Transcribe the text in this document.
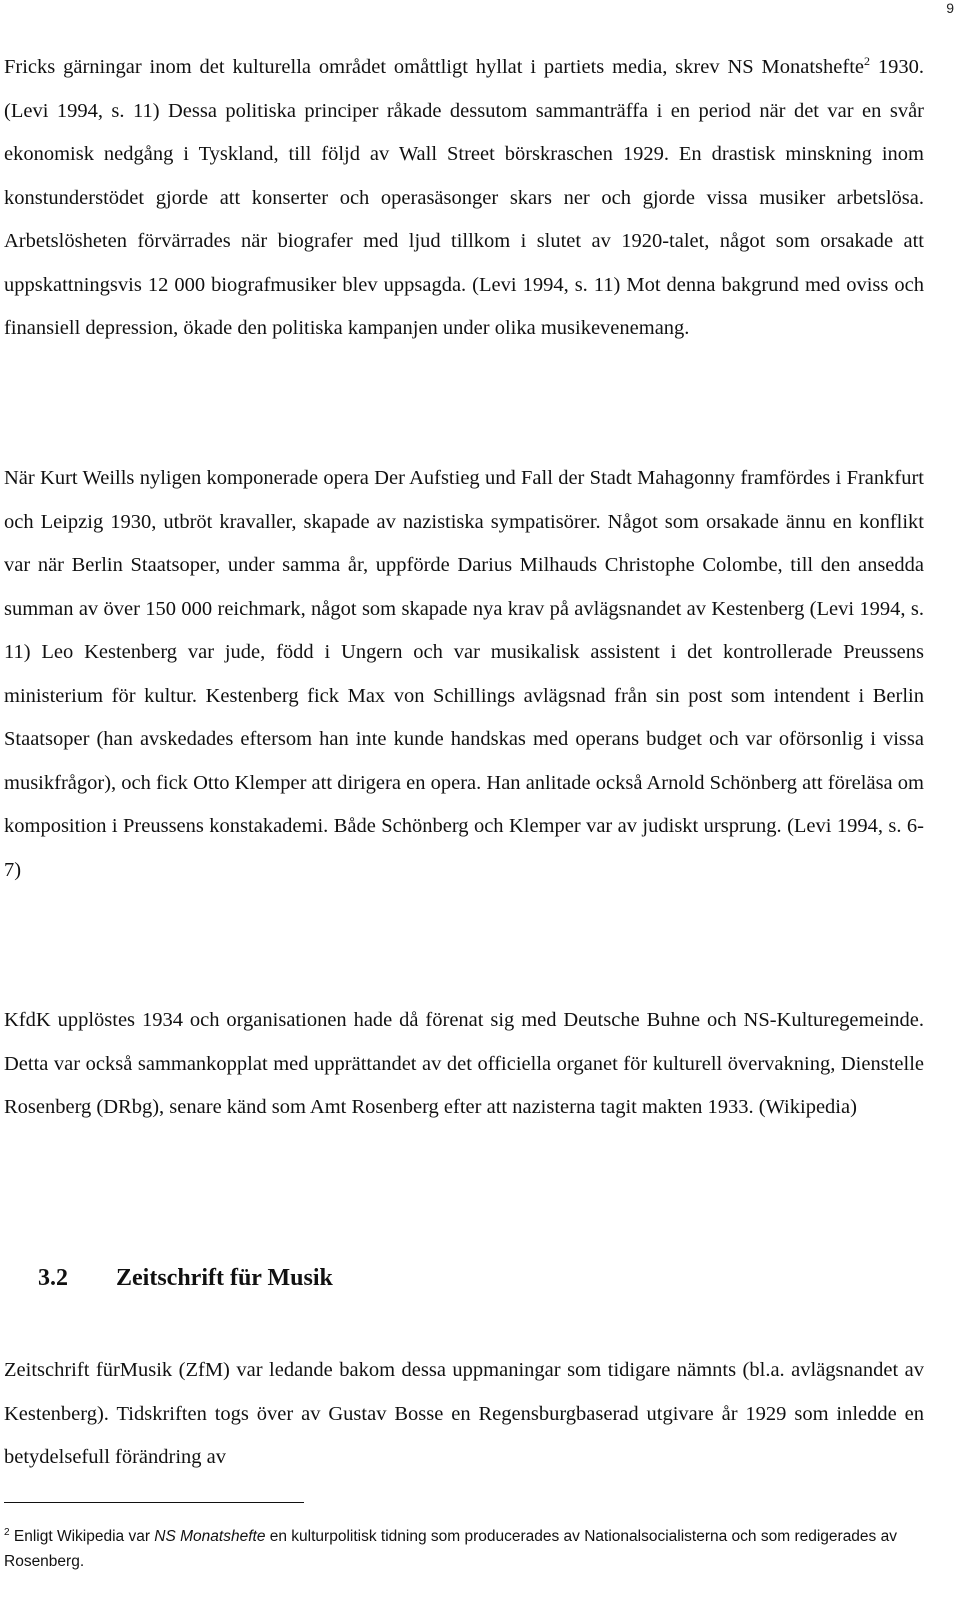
9

Fricks gärningar inom det kulturella området omåttligt hyllat i partiets media, skrev NS Monatshefte$^2$ 1930. (Levi 1994, s. 11) Dessa politiska principer råkade dessutom sammanträffa i en period när det var en svår ekonomisk nedgång i Tyskland, till följd av Wall Street börskraschen 1929. En drastisk minskning inom konstunderstödet gjorde att konserter och operasäsonger skars ner och gjorde vissa musiker arbetslösa. Arbetslösheten förvärrades när biografer med ljud tillkom i slutet av 1920-talet, något som orsakade att uppskattningsvis 12 000 biografmusiker blev uppsagda. (Levi 1994, s. 11) Mot denna bakgrund med oviss och finansiell depression, ökade den politiska kampanjen under olika musikevenemang.

När Kurt Weills nyligen komponerade opera Der Aufstieg und Fall der Stadt Mahagonny framfördes i Frankfurt och Leipzig 1930, utbröt kravaller, skapade av nazistiska sympatisörer. Något som orsakade ännu en konflikt var när Berlin Staatsoper, under samma år, uppförde Darius Milhauds Christophe Colombe, till den ansedda summan av över 150 000 reichmark, något som skapade nya krav på avlägsnandet av Kestenberg (Levi 1994, s. 11) Leo Kestenberg var jude, född i Ungern och var musikalisk assistent i det kontrollerade Preussens ministerium för kultur. Kestenberg fick Max von Schillings avlägsnad från sin post som intendent i Berlin Staatsoper (han avskedades eftersom han inte kunde handskas med operans budget och var oförsonlig i vissa musikfrågor), och fick Otto Klemper att dirigera en opera. Han anlitade också Arnold Schönberg att föreläsa om komposition i Preussens konstakademi. Både Schönberg och Klemper var av judiskt ursprung. (Levi 1994, s. 6-7)

KfdK upplöstes 1934 och organisationen hade då förenat sig med Deutsche Buhne och NS-Kulturegemeinde. Detta var också sammankopplat med upprättandet av det officiella organet för kulturell övervakning, Dienstelle Rosenberg (DRbg), senare känd som Amt Rosenberg efter att nazisterna tagit makten 1933. (Wikipedia)

3.2 Zeitschrift für Musik

Zeitschrift fürMusik (ZfM) var ledande bakom dessa uppmaningar som tidigare nämnts (bl.a. avlägsnandet av Kestenberg). Tidskriften togs över av Gustav Bosse en Regensburgbaserad utgivare år 1929 som inledde en betydelsefull förändring av

$^2$ Enligt Wikipedia var NS Monatshefte en kulturpolitisk tidning som producerades av Nationalsocialisterna och som redigerades av Rosenberg.
